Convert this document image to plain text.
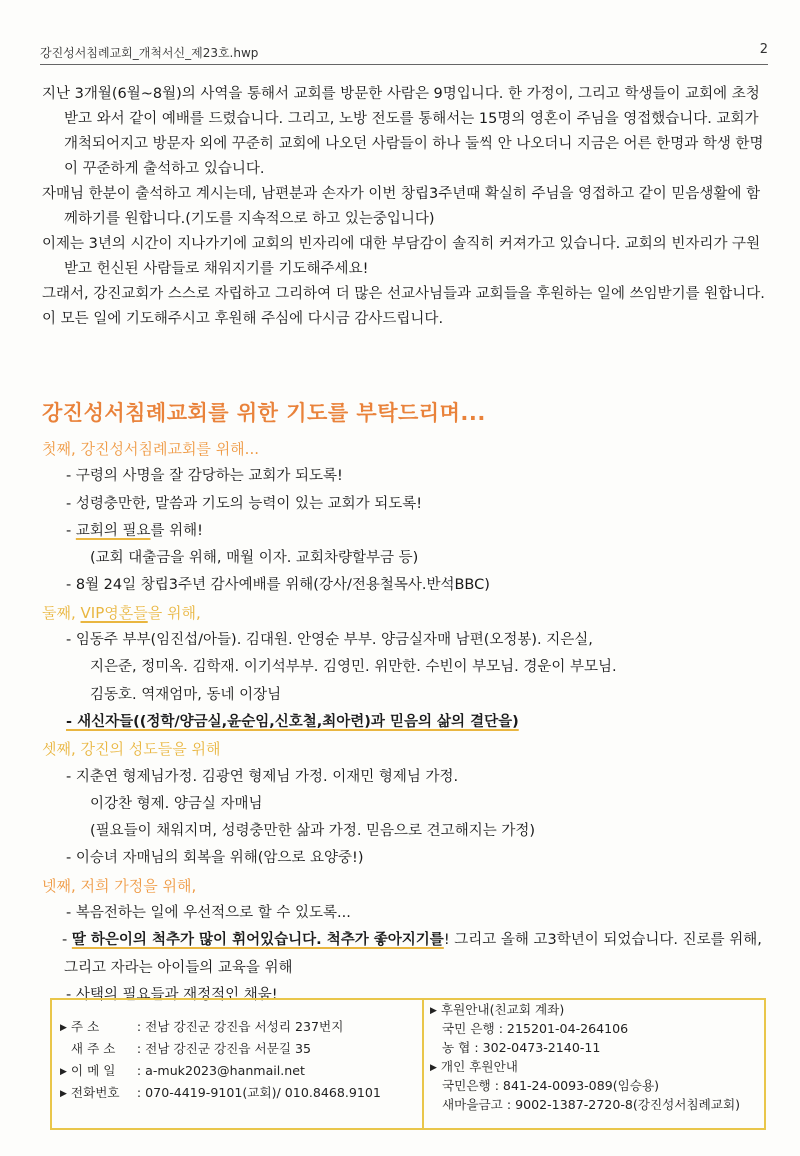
강진성서침례교회_개척서신_제23호.hwp	2

지난 3개월(6월~8월)의 사역을 통해서 교회를 방문한 사람은 9명입니다. 한 가정이, 그리고 학생들이 교회에 초청받고 와서 같이 예배를 드렸습니다. 그리고, 노방 전도를 통해서는 15명의 영혼이 주님을 영접했습니다. 교회가 개척되어지고 방문자 외에 꾸준히 교회에 나오던 사람들이 하나 둘씩 안 나오더니 지금은 어른 한명과 학생 한명이 꾸준하게 출석하고 있습니다.

자매님 한분이 출석하고 계시는데, 남편분과 손자가 이번 창립3주년때 확실히 주님을 영접하고 같이 믿음생활에 함께하기를 원합니다.(기도를 지속적으로 하고 있는중입니다)

이제는 3년의 시간이 지나가기에 교회의 빈자리에 대한 부담감이 솔직히 커져가고 있습니다. 교회의 빈자리가 구원받고 헌신된 사람들로 채워지기를 기도해주세요!

그래서, 강진교회가 스스로 자립하고 그리하여 더 많은 선교사님들과 교회들을 후원하는 일에 쓰임받기를 원합니다.

이 모든 일에 기도해주시고 후원해 주심에 다시금 감사드립니다.

강진성서침례교회를 위한 기도를 부탁드리며...
첫째, 강진성서침례교회를 위해...
- 구령의 사명을 잘 감당하는 교회가 되도록!
- 성령충만한, 말씀과 기도의 능력이 있는 교회가 되도록!
- 교회의 필요를 위해!
(교회 대출금을 위해, 매월 이자. 교회차량할부금 등)
- 8월 24일 창립3주년 감사예배를 위해(강사/전용철목사.반석BBC)
둘째, VIP영혼들을 위해,
- 임동주 부부(임진섭/아들). 김대원. 안영순 부부. 양금실자매 남편(오정봉). 지은실,
지은준, 정미옥. 김학재. 이기석부부. 김영민. 위만한. 수빈이 부모님. 경운이 부모님.
김동호. 역재엄마, 동네 이장님
- 새신자들((정학/양금실,윤순임,신호철,최아련)과 믿음의 삶의 결단을)
셋째, 강진의 성도들을 위해
- 지춘연 형제님가정. 김광연 형제님 가정. 이재민 형제님 가정.
이강찬 형제. 양금실 자매님
(필요들이 채워지며, 성령충만한 삶과 가정. 믿음으로 견고해지는 가정)
- 이승녀 자매님의 회복을 위해(암으로 요양중!)
넷째, 저희 가정을 위해,
- 복음전하는 일에 우선적으로 할 수 있도록...
- 딸 하은이의 척추가 많이 휘어있습니다. 척추가 좋아지기를! 그리고 올해 고3학년이 되었습니다. 진로를 위해, 그리고 자라는 아이들의 교육을 위해
- 사택의 필요들과 재정적인 채움!
▶ 주 소	: 전남 강진군 강진읍 서성리 237번지
새 주 소 : 전남 강진군 강진읍 서문길 35
▶ 이 메 일 : a-muk2023@hanmail.net
▶ 전화번호 : 070-4419-9101(교회)/ 010.8468.9101
▶ 후원안내(친교회 계좌)
국민 은행 : 215201-04-264106
농 협 : 302-0473-2140-11
▶ 개인 후원안내
국민은행 : 841-24-0093-089(임승용)
새마을금고 : 9002-1387-2720-8(강진성서침례교회)
